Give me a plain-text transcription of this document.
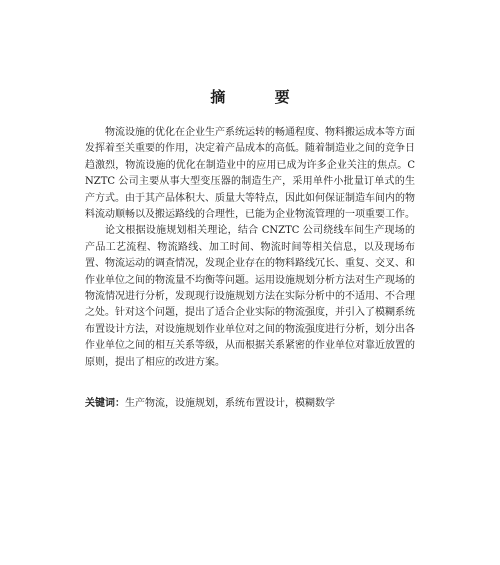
摘 要

物流设施的优化在企业生产系统运转的畅通程度、物料搬运成本等方面发挥着至关重要的作用，决定着产品成本的高低。随着制造业之间的竞争日趋激烈，物流设施的优化在制造业中的应用已成为许多企业关注的焦点。CNZTC 公司主要从事大型变压器的制造生产，采用单件小批量订单式的生产方式。由于其产品体积大、质量大等特点，因此如何保证制造车间内的物料流动顺畅以及搬运路线的合理性，已能为企业物流管理的一项重要工作。

论文根据设施规划相关理论，结合 CNZTC 公司绕线车间生产现场的产品工艺流程、物流路线、加工时间、物流时间等相关信息，以及现场布置、物流运动的调查情况，发现企业存在的物料路线冗长、重复、交叉、和作业单位之间的物流量不均衡等问题。运用设施规划分析方法对生产现场的物流情况进行分析，发现现行设施规划方法在实际分析中的不适用、不合理之处。针对这个问题，提出了适合企业实际的物流强度，并引入了模糊系统布置设计方法，对设施规划作业单位对之间的物流强度进行分析，划分出各作业单位之间的相互关系等级，从而根据关系紧密的作业单位对靠近放置的原则，提出了相应的改进方案。

关键词：生产物流，设施规划，系统布置设计，模糊数学
